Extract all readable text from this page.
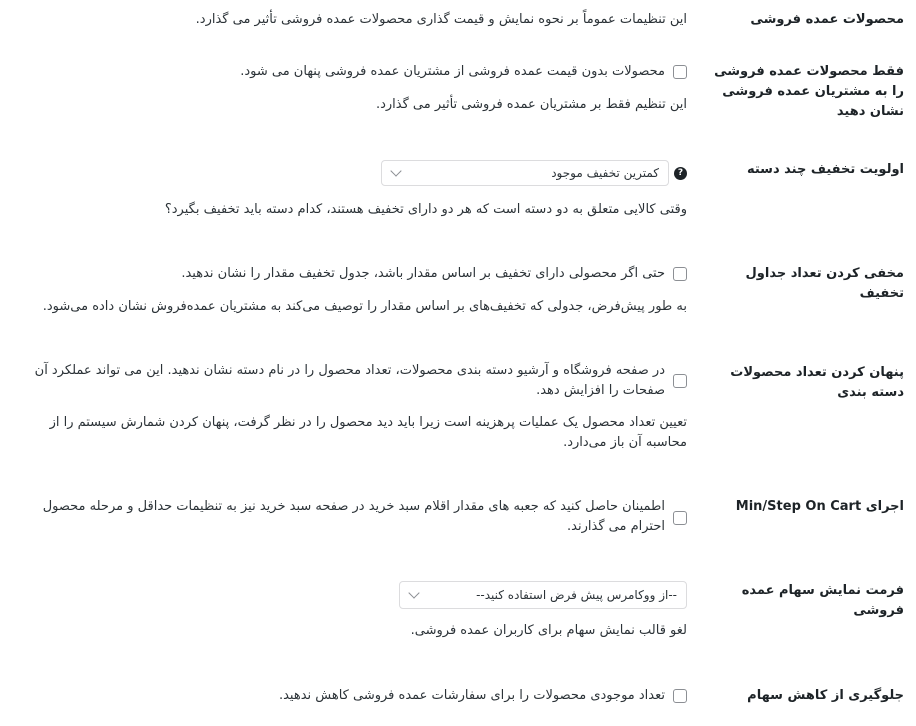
محصولات عمده فروشی
این تنظیمات عموماً بر نحوه نمایش و قیمت گذاری محصولات عمده فروشی تأثیر می گذارد.
فقط محصولات عمده فروشی را به مشتریان عمده فروشی نشان دهید
محصولات بدون قیمت عمده فروشی از مشتریان عمده فروشی پنهان می شود.
این تنظیم فقط بر مشتریان عمده فروشی تأثیر می گذارد.
اولویت تخفیف چند دسته
?
کمترین تخفیف موجود
وقتی کالایی متعلق به دو دسته است که هر دو دارای تخفیف هستند، کدام دسته باید تخفیف بگیرد؟
مخفی کردن تعداد جداول تخفیف
حتی اگر محصولی دارای تخفیف بر اساس مقدار باشد، جدول تخفیف مقدار را نشان ندهید.
به طور پیش‌فرض، جدولی که تخفیف‌های بر اساس مقدار را توصیف می‌کند به مشتریان عمده‌فروش نشان داده می‌شود.
پنهان کردن تعداد محصولات دسته بندی
در صفحه فروشگاه و آرشیو دسته بندی محصولات، تعداد محصول را در نام دسته نشان ندهید. این می تواند عملکرد آن صفحات را افزایش دهد.
تعیین تعداد محصول یک عملیات پرهزینه است زیرا باید دید محصول را در نظر گرفت، پنهان کردن شمارش سیستم را از محاسبه آن باز می‌دارد.
اجرای Min/Step On Cart
اطمینان حاصل کنید که جعبه های مقدار اقلام سبد خرید در صفحه سبد خرید نیز به تنظیمات حداقل و مرحله محصول احترام می گذارند.
فرمت نمایش سهام عمده فروشی
--از ووکامرس پیش فرض استفاده کنید--
لغو قالب نمایش سهام برای کاربران عمده فروشی.
جلوگیری از کاهش سهام
تعداد موجودی محصولات را برای سفارشات عمده فروشی کاهش ندهید.
